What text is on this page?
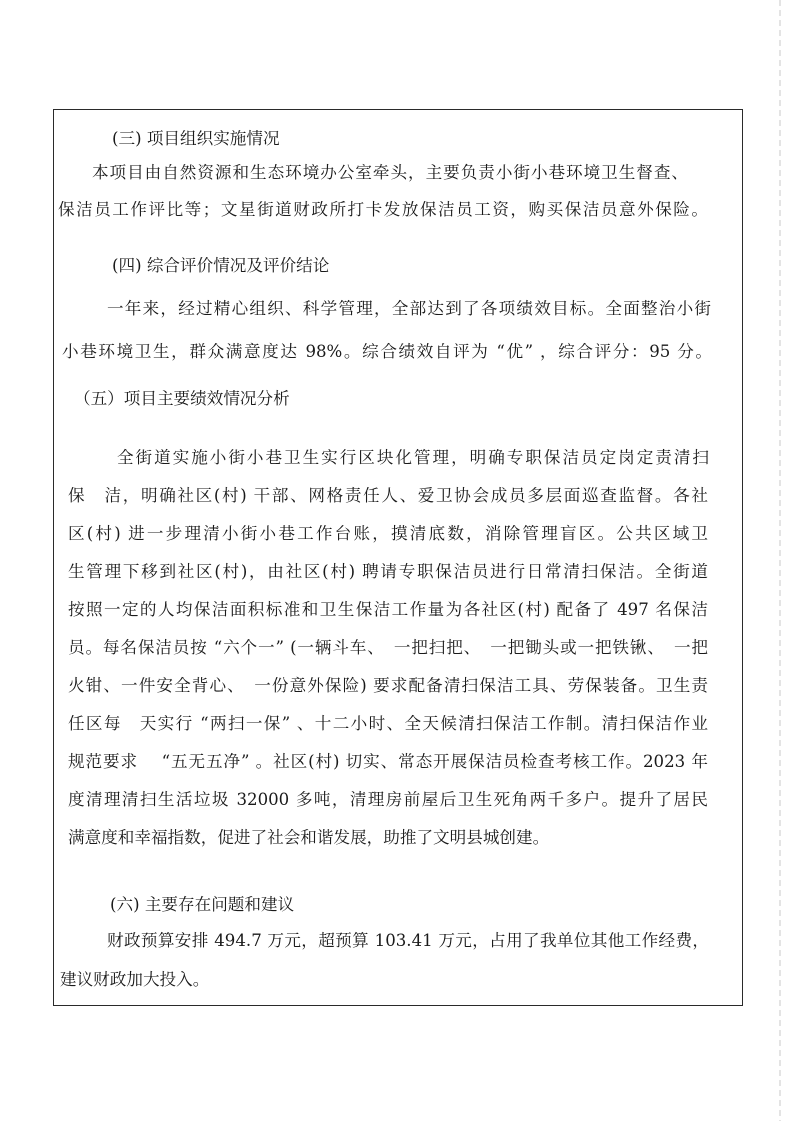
(三) 项目组织实施情况
本项目由自然资源和生态环境办公室牵头，主要负责小街小巷环境卫生督查、
保洁员工作评比等；文星街道财政所打卡发放保洁员工资，购买保洁员意外保险。
(四) 综合评价情况及评价结论
一年来，经过精心组织、科学管理，全部达到了各项绩效目标。全面整治小街
小巷环境卫生，群众满意度达 98%。综合绩效自评为 “优” ，综合评分：95 分。
（五）项目主要绩效情况分析
全街道实施小街小巷卫生实行区块化管理，明确专职保洁员定岗定责清扫
保　洁，明确社区(村) 干部、网格责任人、爱卫协会成员多层面巡查监督。各社
区(村) 进一步理清小街小巷工作台账，摸清底数，消除管理盲区。公共区域卫
生管理下移到社区(村)，由社区(村) 聘请专职保洁员进行日常清扫保洁。全街道
按照一定的人均保洁面积标准和卫生保洁工作量为各社区(村) 配备了 497 名保洁
员。每名保洁员按 “六个一” (一辆斗车、　一把扫把、　一把锄头或一把铁锹、　一把
火钳、一件安全背心、　一份意外保险) 要求配备清扫保洁工具、劳保装备。卫生责
任区每　天实行 “两扫一保” 、十二小时、全天候清扫保洁工作制。清扫保洁作业
规范要求　 “五无五净” 。社区(村) 切实、常态开展保洁员检查考核工作。2023 年
度清理清扫生活垃圾 32000 多吨，清理房前屋后卫生死角两千多户。提升了居民
满意度和幸福指数，促进了社会和谐发展，助推了文明县城创建。
(六) 主要存在问题和建议
财政预算安排 494.7 万元，超预算 103.41 万元，占用了我单位其他工作经费，
建议财政加大投入。
